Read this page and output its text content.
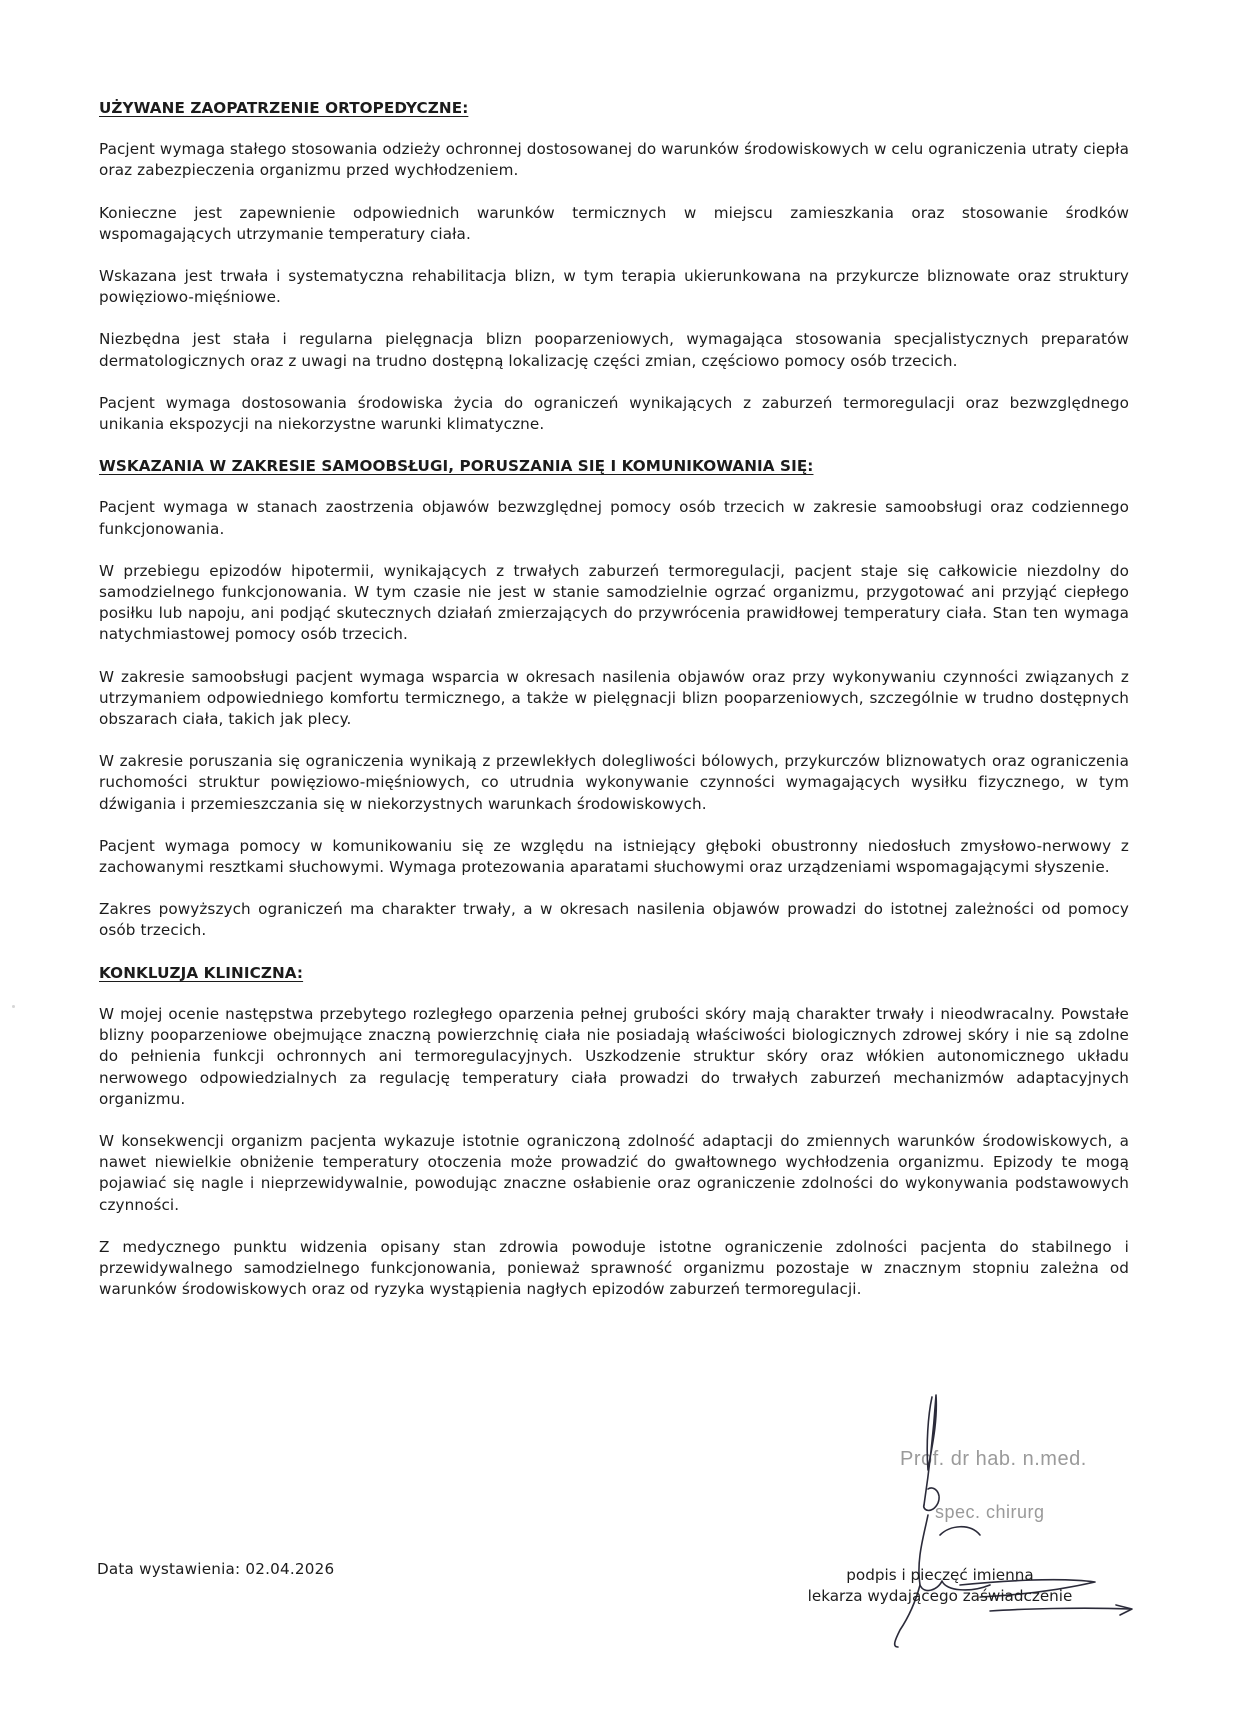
UŻYWANE ZAOPATRZENIE ORTOPEDYCZNE:

Pacjent wymaga stałego stosowania odzieży ochronnej dostosowanej do warunków środowiskowych w celu ograniczenia utraty ciepła oraz zabezpieczenia organizmu przed wychłodzeniem.

Konieczne jest zapewnienie odpowiednich warunków termicznych w miejscu zamieszkania oraz stosowanie środków wspomagających utrzymanie temperatury ciała.

Wskazana jest trwała i systematyczna rehabilitacja blizn, w tym terapia ukierunkowana na przykurcze bliznowate oraz struktury powięziowo-mięśniowe.

Niezbędna jest stała i regularna pielęgnacja blizn pooparzeniowych, wymagająca stosowania specjalistycznych preparatów dermatologicznych oraz z uwagi na trudno dostępną lokalizację części zmian, częściowo pomocy osób trzecich.

Pacjent wymaga dostosowania środowiska życia do ograniczeń wynikających z zaburzeń termoregulacji oraz bezwzględnego unikania ekspozycji na niekorzystne warunki klimatyczne.

WSKAZANIA W ZAKRESIE SAMOOBSŁUGI, PORUSZANIA SIĘ I KOMUNIKOWANIA SIĘ:

Pacjent wymaga w stanach zaostrzenia objawów bezwzględnej pomocy osób trzecich w zakresie samoobsługi oraz codziennego funkcjonowania.

W przebiegu epizodów hipotermii, wynikających z trwałych zaburzeń termoregulacji, pacjent staje się całkowicie niezdolny do samodzielnego funkcjonowania. W tym czasie nie jest w stanie samodzielnie ogrzać organizmu, przygotować ani przyjąć ciepłego posiłku lub napoju, ani podjąć skutecznych działań zmierzających do przywrócenia prawidłowej temperatury ciała. Stan ten wymaga natychmiastowej pomocy osób trzecich.

W zakresie samoobsługi pacjent wymaga wsparcia w okresach nasilenia objawów oraz przy wykonywaniu czynności związanych z utrzymaniem odpowiedniego komfortu termicznego, a także w pielęgnacji blizn pooparzeniowych, szczególnie w trudno dostępnych obszarach ciała, takich jak plecy.

W zakresie poruszania się ograniczenia wynikają z przewlekłych dolegliwości bólowych, przykurczów bliznowatych oraz ograniczenia ruchomości struktur powięziowo-mięśniowych, co utrudnia wykonywanie czynności wymagających wysiłku fizycznego, w tym dźwigania i przemieszczania się w niekorzystnych warunkach środowiskowych.

Pacjent wymaga pomocy w komunikowaniu się ze względu na istniejący głęboki obustronny niedosłuch zmysłowo-nerwowy z zachowanymi resztkami słuchowymi. Wymaga protezowania aparatami słuchowymi oraz urządzeniami wspomagającymi słyszenie.

Zakres powyższych ograniczeń ma charakter trwały, a w okresach nasilenia objawów prowadzi do istotnej zależności od pomocy osób trzecich.

KONKLUZJA KLINICZNA:

W mojej ocenie następstwa przebytego rozległego oparzenia pełnej grubości skóry mają charakter trwały i nieodwracalny. Powstałe blizny pooparzeniowe obejmujące znaczną powierzchnię ciała nie posiadają właściwości biologicznych zdrowej skóry i nie są zdolne do pełnienia funkcji ochronnych ani termoregulacyjnych. Uszkodzenie struktur skóry oraz włókien autonomicznego układu nerwowego odpowiedzialnych za regulację temperatury ciała prowadzi do trwałych zaburzeń mechanizmów adaptacyjnych organizmu.

W konsekwencji organizm pacjenta wykazuje istotnie ograniczoną zdolność adaptacji do zmiennych warunków środowiskowych, a nawet niewielkie obniżenie temperatury otoczenia może prowadzić do gwałtownego wychłodzenia organizmu. Epizody te mogą pojawiać się nagle i nieprzewidywalnie, powodując znaczne osłabienie oraz ograniczenie zdolności do wykonywania podstawowych czynności.

Z medycznego punktu widzenia opisany stan zdrowia powoduje istotne ograniczenie zdolności pacjenta do stabilnego i przewidywalnego samodzielnego funkcjonowania, ponieważ sprawność organizmu pozostaje w znacznym stopniu zależna od warunków środowiskowych oraz od ryzyka wystąpienia nagłych epizodów zaburzeń termoregulacji.

Prof. dr hab. n.med.
spec. chirurg
Data wystawienia: 02.04.2026	podpis i pieczęć imienna
lekarza wydającego zaświadczenie
